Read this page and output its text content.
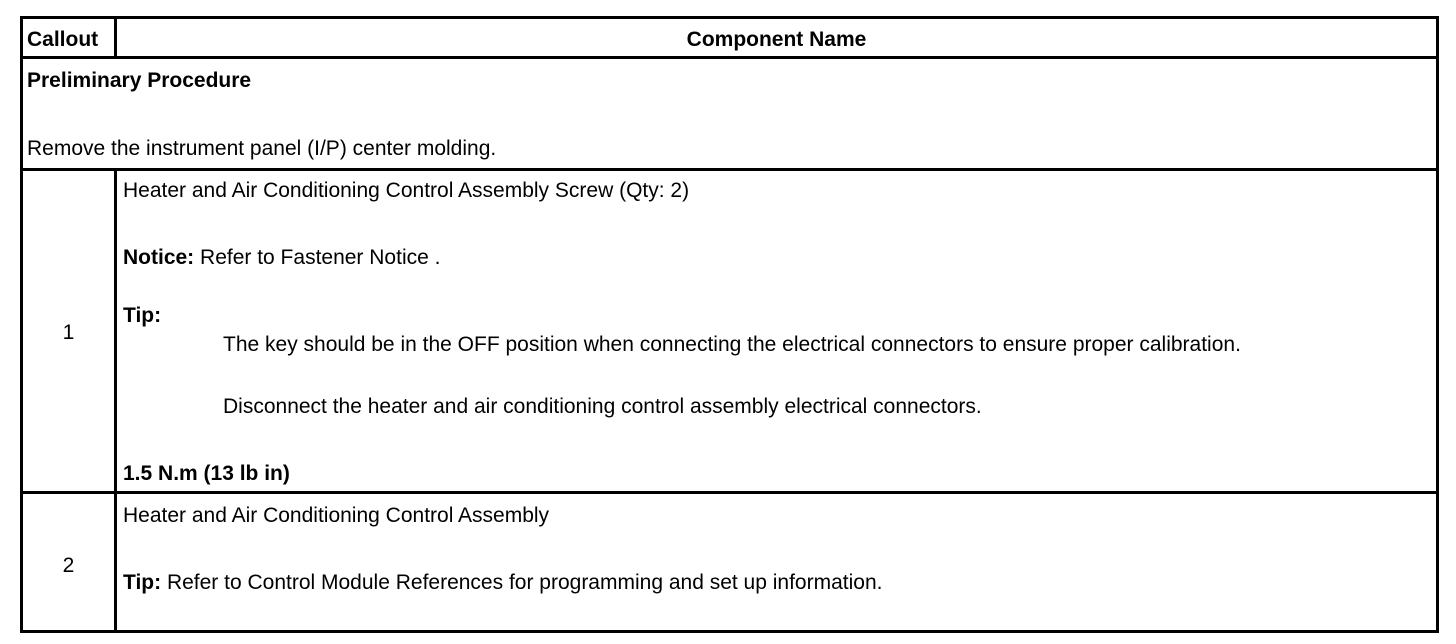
Callout	Component Name
Preliminary Procedure
Remove the instrument panel (I/P) center molding.
1
Heater and Air Conditioning Control Assembly Screw (Qty: 2)
Notice: Refer to Fastener Notice .
Tip:
The key should be in the OFF position when connecting the electrical connectors to ensure proper calibration.
Disconnect the heater and air conditioning control assembly electrical connectors.
1.5 N.m (13 lb in)
2
Heater and Air Conditioning Control Assembly
Tip: Refer to Control Module References for programming and set up information.
